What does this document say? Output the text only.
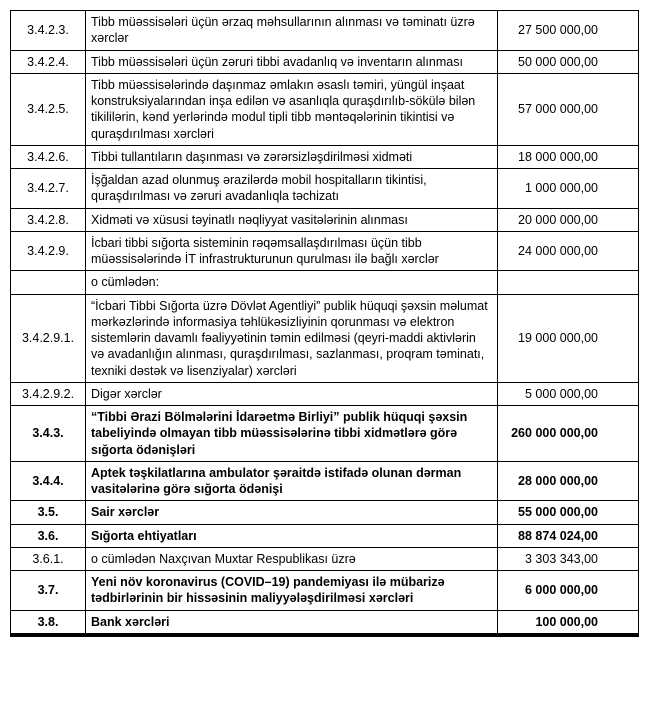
3.4.2.3.	Tibb müəssisələri üçün ərzaq məhsullarının alınması və təminatı üzrə xərclər	27 500 000,00
3.4.2.4.	Tibb müəssisələri üçün zəruri tibbi avadanlıq və inventarın alınması	50 000 000,00
3.4.2.5.	Tibb müəssisələrində daşınmaz əmlakın əsaslı təmiri, yüngül inşaat konstruksiyalarından inşa edilən və asanlıqla quraşdırılıb-sökülə bilən tikililərin, kənd yerlərində modul tipli tibb məntəqələrinin tikintisi və quraşdırılması xərcləri	57 000 000,00
3.4.2.6.	Tibbi tullantıların daşınması və zərərsizləşdirilməsi xidməti	18 000 000,00
3.4.2.7.	İşğaldan azad olunmuş ərazilərdə mobil hospitalların tikintisi, quraşdırılması və zəruri avadanlıqla təchizatı	1 000 000,00
3.4.2.8.	Xidməti və xüsusi təyinatlı nəqliyyat vasitələrinin alınması	20 000 000,00
3.4.2.9.	İcbari tibbi sığorta sisteminin rəqəmsallaşdırılması üçün tibb müəssisələrində İT infrastrukturunun qurulması ilə bağlı xərclər	24 000 000,00
	o cümlədən:	
3.4.2.9.1.	“İcbari Tibbi Sığorta üzrə Dövlət Agentliyi” publik hüquqi şəxsin məlumat mərkəzlərində informasiya təhlükəsizliyinin qorunması və elektron sistemlərin davamlı fəaliyyətinin təmin edilməsi (qeyri-maddi aktivlərin və avadanlığın alınması, quraşdırılması, sazlanması, proqram təminatı, texniki dəstək və lisenziyalar) xərcləri	19 000 000,00
3.4.2.9.2.	Digər xərclər	5 000 000,00
3.4.3.	“Tibbi Ərazi Bölmələrini İdarəetmə Birliyi” publik hüquqi şəxsin tabeliyində olmayan tibb müəssisələrinə tibbi xidmətlərə görə sığorta ödənişləri	260 000 000,00
3.4.4.	Aptek təşkilatlarına ambulator şəraitdə istifadə olunan dərman vasitələrinə görə sığorta ödənişi	28 000 000,00
3.5.	Sair xərclər	55 000 000,00
3.6.	Sığorta ehtiyatları	88 874 024,00
3.6.1.	o cümlədən Naxçıvan Muxtar Respublikası üzrə	3 303 343,00
3.7.	Yeni növ koronavirus (COVID–19) pandemiyası ilə mübarizə tədbirlərinin bir hissəsinin maliyyələşdirilməsi xərcləri	6 000 000,00
3.8.	Bank xərcləri	100 000,00
